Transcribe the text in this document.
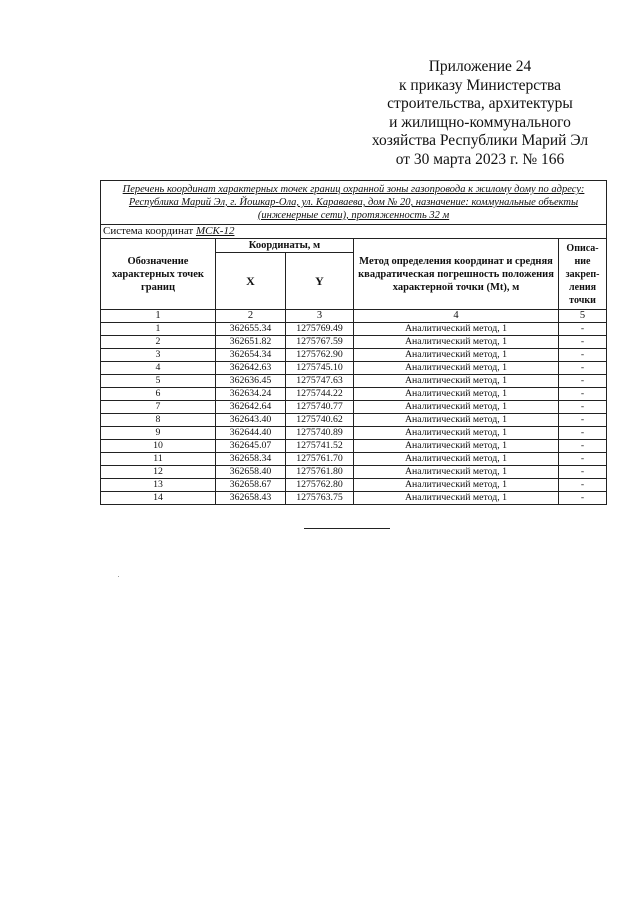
Приложение 24
к приказу Министерства
строительства, архитектуры
и жилищно-коммунального
хозяйства Республики Марий Эл
от 30 марта 2023 г. № 166
Перечень координат характерных точек границ охранной зоны газопровода к жилому дому по адресу: Республика Марий Эл, г. Йошкар-Ола, ул. Караваева, дом № 20, назначение: коммунальные объекты (инженерные сети), протяженность 32 м				
Система координат МСК-12				
Обозначение характерных точек границ	Координаты, м		Метод определения координат и средняя квадратическая погрешность положения характерной точки (Mt), м	Описа-ние закреп-ления точки
	X	Y		
1	2	3	4	5
1	362655.34	1275769.49	Аналитический метод, 1	-
2	362651.82	1275767.59	Аналитический метод, 1	-
3	362654.34	1275762.90	Аналитический метод, 1	-
4	362642.63	1275745.10	Аналитический метод, 1	-
5	362636.45	1275747.63	Аналитический метод, 1	-
6	362634.24	1275744.22	Аналитический метод, 1	-
7	362642.64	1275740.77	Аналитический метод, 1	-
8	362643.40	1275740.62	Аналитический метод, 1	-
9	362644.40	1275740.89	Аналитический метод, 1	-
10	362645.07	1275741.52	Аналитический метод, 1	-
11	362658.34	1275761.70	Аналитический метод, 1	-
12	362658.40	1275761.80	Аналитический метод, 1	-
13	362658.67	1275762.80	Аналитический метод, 1	-
14	362658.43	1275763.75	Аналитический метод, 1	-
